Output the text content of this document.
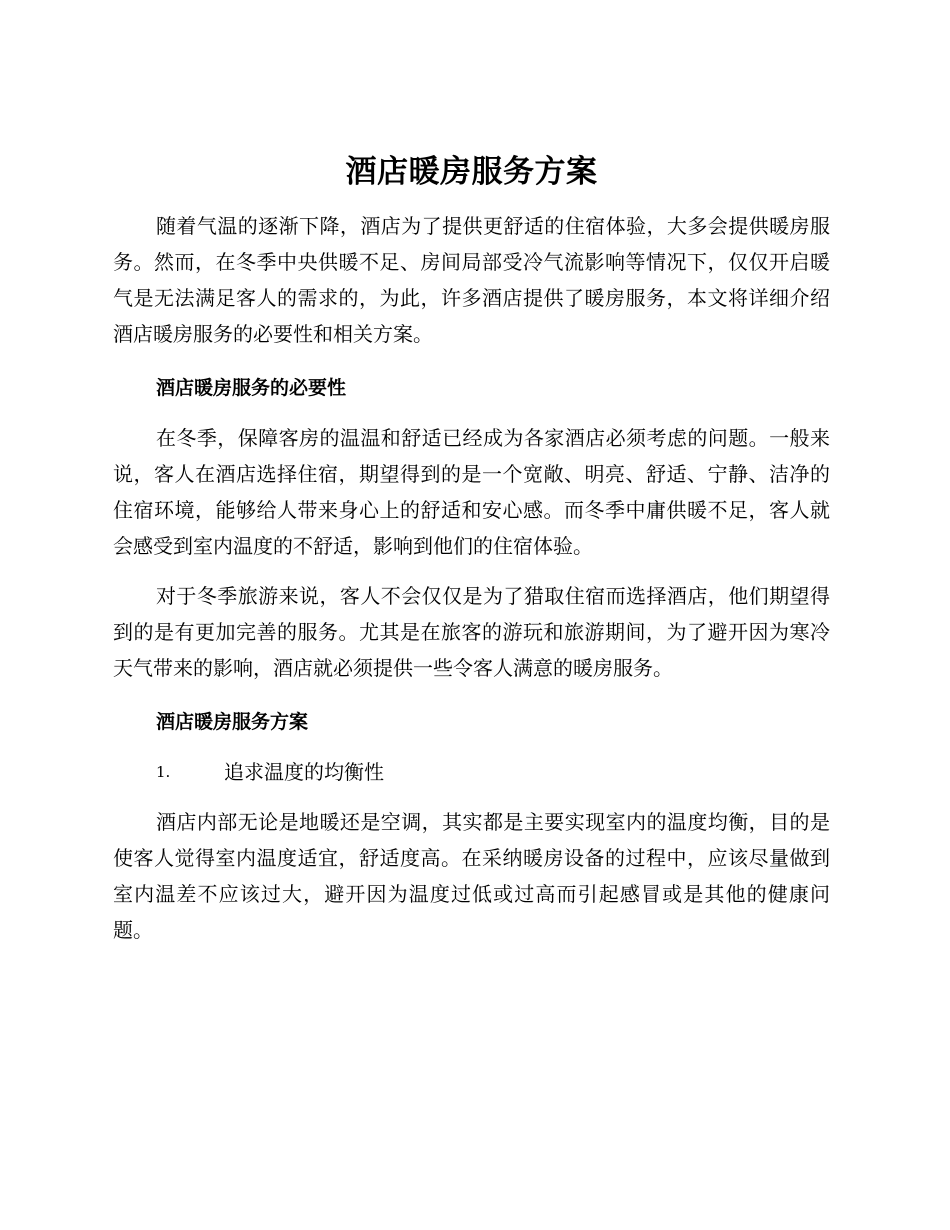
酒店暖房服务方案

随着气温的逐渐下降，酒店为了提供更舒适的住宿体验，大多会提供暖房服务。然而，在冬季中央供暖不足、房间局部受冷气流影响等情况下，仅仅开启暖气是无法满足客人的需求的，为此，许多酒店提供了暖房服务，本文将详细介绍酒店暖房服务的必要性和相关方案。

酒店暖房服务的必要性

在冬季，保障客房的温温和舒适已经成为各家酒店必须考虑的问题。一般来说，客人在酒店选择住宿，期望得到的是一个宽敞、明亮、舒适、宁静、洁净的住宿环境，能够给人带来身心上的舒适和安心感。而冬季中庸供暖不足，客人就会感受到室内温度的不舒适，影响到他们的住宿体验。

对于冬季旅游来说，客人不会仅仅是为了猎取住宿而选择酒店，他们期望得到的是有更加完善的服务。尤其是在旅客的游玩和旅游期间，为了避开因为寒冷天气带来的影响，酒店就必须提供一些令客人满意的暖房服务。

酒店暖房服务方案
1.	追求温度的均衡性

酒店内部无论是地暖还是空调，其实都是主要实现室内的温度均衡，目的是使客人觉得室内温度适宜，舒适度高。在采纳暖房设备的过程中，应该尽量做到室内温差不应该过大，避开因为温度过低或过高而引起感冒或是其他的健康问题。
